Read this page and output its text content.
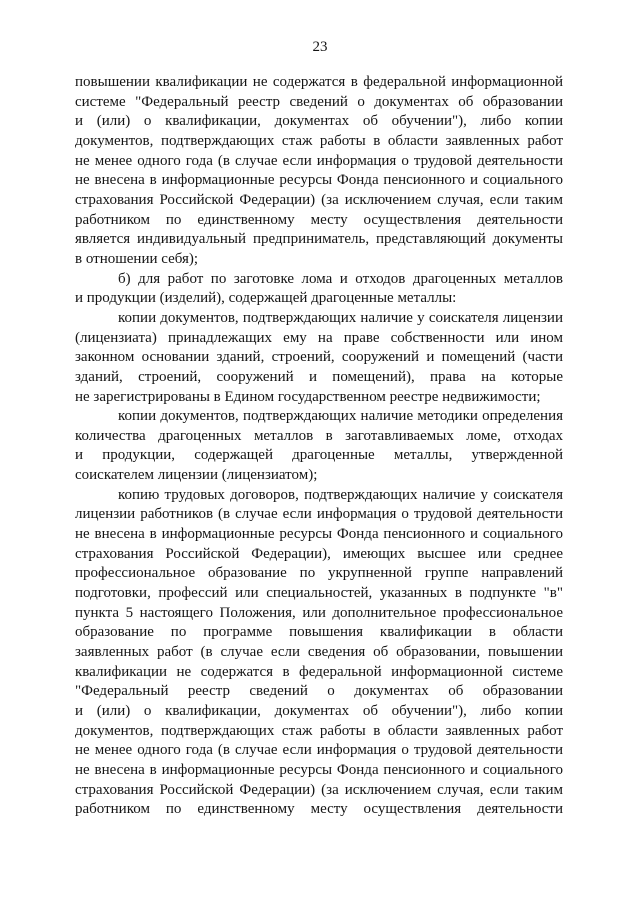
23
повышении квалификации не содержатся в федеральной информационной
системе "Федеральный реестр сведений о документах об образовании
и (или) о квалификации, документах об обучении"), либо копии
документов, подтверждающих стаж работы в области заявленных работ
не менее одного года (в случае если информация о трудовой деятельности
не внесена в информационные ресурсы Фонда пенсионного и социального
страхования Российской Федерации) (за исключением случая, если таким
работником по единственному месту осуществления деятельности
является индивидуальный предприниматель, представляющий документы
в отношении себя);
б) для работ по заготовке лома и отходов драгоценных металлов
и продукции (изделий), содержащей драгоценные металлы:
копии документов, подтверждающих наличие у соискателя лицензии
(лицензиата) принадлежащих ему на праве собственности или ином
законном основании зданий, строений, сооружений и помещений (части
зданий, строений, сооружений и помещений), права на которые
не зарегистрированы в Едином государственном реестре недвижимости;
копии документов, подтверждающих наличие методики определения
количества драгоценных металлов в заготавливаемых ломе, отходах
и продукции, содержащей драгоценные металлы, утвержденной
соискателем лицензии (лицензиатом);
копию трудовых договоров, подтверждающих наличие у соискателя
лицензии работников (в случае если информация о трудовой деятельности
не внесена в информационные ресурсы Фонда пенсионного и социального
страхования Российской Федерации), имеющих высшее или среднее
профессиональное образование по укрупненной группе направлений
подготовки, профессий или специальностей, указанных в подпункте "в"
пункта 5 настоящего Положения, или дополнительное профессиональное
образование по программе повышения квалификации в области
заявленных работ (в случае если сведения об образовании, повышении
квалификации не содержатся в федеральной информационной системе
"Федеральный реестр сведений о документах об образовании
и (или) о квалификации, документах об обучении"), либо копии
документов, подтверждающих стаж работы в области заявленных работ
не менее одного года (в случае если информация о трудовой деятельности
не внесена в информационные ресурсы Фонда пенсионного и социального
страхования Российской Федерации) (за исключением случая, если таким
работником по единственному месту осуществления деятельности
